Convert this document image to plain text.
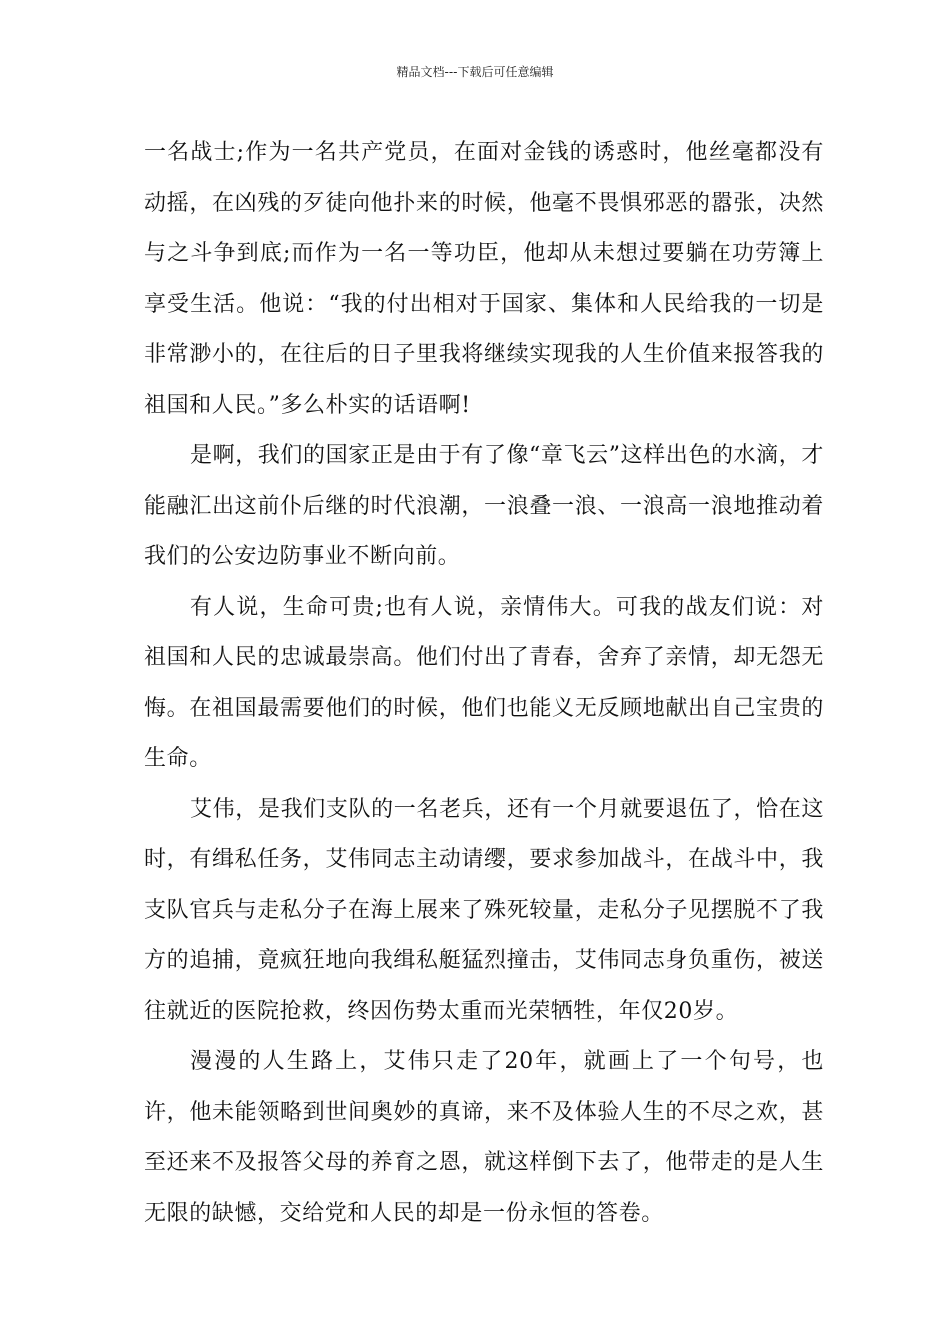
精品文档---下载后可任意编辑

一名战士;作为一名共产党员，在面对金钱的诱惑时，他丝毫都没有动摇，在凶残的歹徒向他扑来的时候，他毫不畏惧邪恶的嚣张，决然与之斗争到底;而作为一名一等功臣，他却从未想过要躺在功劳簿上享受生活。他说：“我的付出相对于国家、集体和人民给我的一切是非常渺小的，在往后的日子里我将继续实现我的人生价值来报答我的祖国和人民。”多么朴实的话语啊!

是啊，我们的国家正是由于有了像“章飞云”这样出色的水滴，才能融汇出这前仆后继的时代浪潮，一浪叠一浪、一浪高一浪地推动着我们的公安边防事业不断向前。

有人说，生命可贵;也有人说，亲情伟大。可我的战友们说：对祖国和人民的忠诚最崇高。他们付出了青春，舍弃了亲情，却无怨无悔。在祖国最需要他们的时候，他们也能义无反顾地献出自己宝贵的生命。

艾伟，是我们支队的一名老兵，还有一个月就要退伍了，恰在这时，有缉私任务，艾伟同志主动请缨，要求参加战斗，在战斗中，我支队官兵与走私分子在海上展来了殊死较量，走私分子见摆脱不了我方的追捕，竟疯狂地向我缉私艇猛烈撞击，艾伟同志身负重伤，被送往就近的医院抢救，终因伤势太重而光荣牺牲，年仅20岁。

漫漫的人生路上，艾伟只走了20年，就画上了一个句号，也许，他未能领略到世间奥妙的真谛，来不及体验人生的不尽之欢，甚至还来不及报答父母的养育之恩，就这样倒下去了，他带走的是人生无限的缺憾，交给党和人民的却是一份永恒的答卷。
